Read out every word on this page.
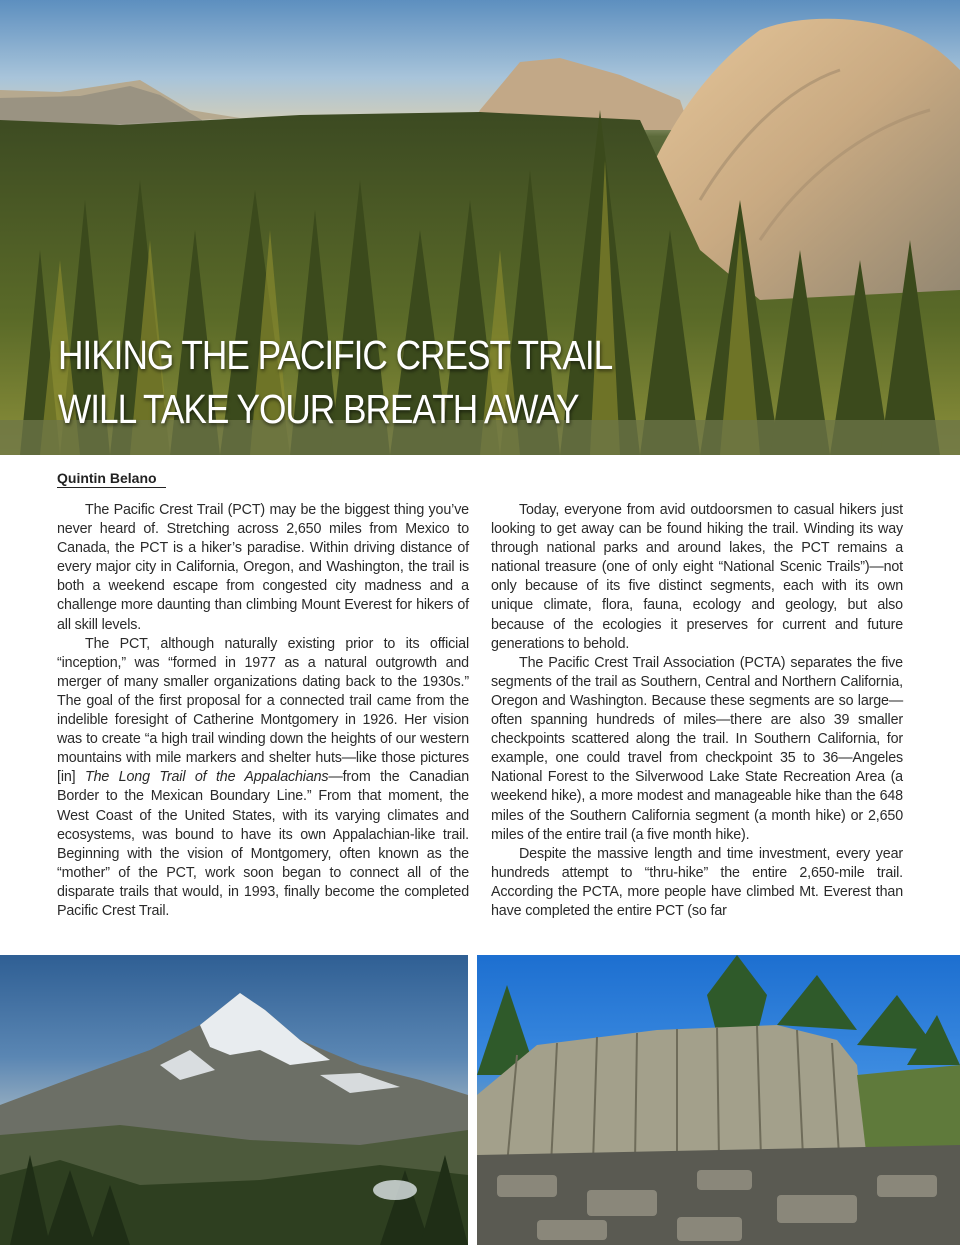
HIKING THE PACIFIC CREST TRAIL
WILL TAKE YOUR BREATH AWAY
Quintin Belano

The Pacific Crest Trail (PCT) may be the biggest thing you’ve never heard of. Stretching across 2,650 miles from Mexico to Canada, the PCT is a hiker’s paradise. Within driving distance of every major city in California, Oregon, and Washington, the trail is both a weekend escape from congested city madness and a challenge more daunting than climbing Mount Everest for hikers of all skill levels.

The PCT, although naturally existing prior to its official “inception,” was “formed in 1977 as a natural outgrowth and merger of many smaller organizations dating back to the 1930s.” The goal of the first proposal for a connected trail came from the indelible foresight of Catherine Montgomery in 1926. Her vision was to create “a high trail winding down the heights of our western mountains with mile markers and shelter huts—like those pictures [in] The Long Trail of the Appalachians—from the Canadian Border to the Mexican Boundary Line.” From that moment, the West Coast of the United States, with its varying climates and ecosystems, was bound to have its own Appalachian-like trail. Beginning with the vision of Montgomery, often known as the “mother” of the PCT, work soon began to connect all of the disparate trails that would, in 1993, finally become the completed Pacific Crest Trail.

Today, everyone from avid outdoorsmen to casual hikers just looking to get away can be found hiking the trail. Winding its way through national parks and around lakes, the PCT remains a national treasure (one of only eight “National Scenic Trails”)—not only because of its five distinct segments, each with its own unique climate, flora, fauna, ecology and geology, but also because of the ecologies it preserves for current and future generations to behold.

The Pacific Crest Trail Association (PCTA) separates the five segments of the trail as Southern, Central and Northern California, Oregon and Washington. Because these segments are so large—often spanning hundreds of miles—there are also 39 smaller checkpoints scattered along the trail. In Southern California, for example, one could travel from checkpoint 35 to 36—Angeles National Forest to the Silverwood Lake State Recreation Area (a weekend hike), a more modest and manageable hike than the 648 miles of the Southern California segment (a month hike) or 2,650 miles of the entire trail (a five month hike).

Despite the massive length and time investment, every year hundreds attempt to “thru-hike” the entire 2,650-mile trail. According the PCTA, more people have climbed Mt. Everest than have completed the entire PCT (so far
